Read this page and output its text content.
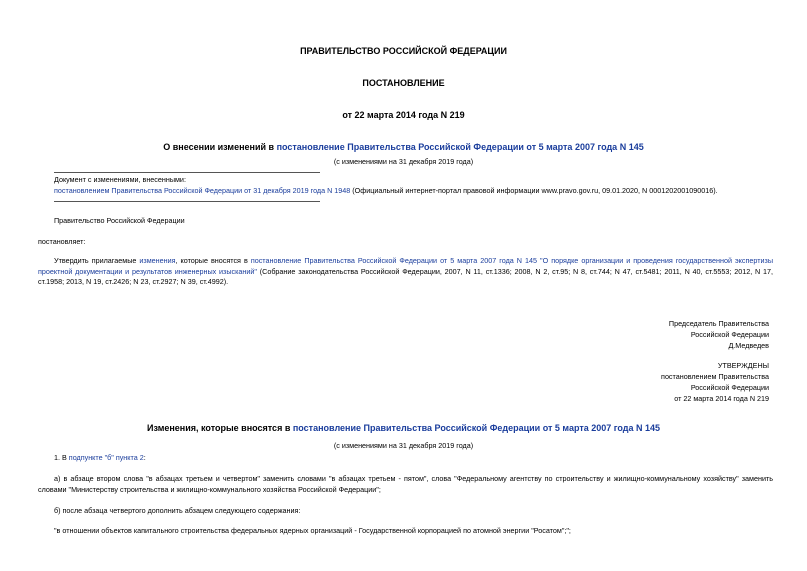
ПРАВИТЕЛЬСТВО РОССИЙСКОЙ ФЕДЕРАЦИИ
ПОСТАНОВЛЕНИЕ
от 22 марта 2014 года N 219
О внесении изменений в постановление Правительства Российской Федерации от 5 марта 2007 года N 145
(с изменениями на 31 декабря 2019 года)
Документ с изменениями, внесенными:
постановлением Правительства Российской Федерации от 31 декабря 2019 года N 1948 (Официальный интернет-портал правовой информации www.pravo.gov.ru, 09.01.2020, N 0001202001090016).
Правительство Российской Федерации
постановляет:
Утвердить прилагаемые изменения, которые вносятся в постановление Правительства Российской Федерации от 5 марта 2007 года N 145 "О порядке организации и проведения государственной экспертизы проектной документации и результатов инженерных изысканий" (Собрание законодательства Российской Федерации, 2007, N 11, ст.1336; 2008, N 2, ст.95; N 8, ст.744; N 47, ст.5481; 2011, N 40, ст.5553; 2012, N 17, ст.1958; 2013, N 19, ст.2426; N 23, ст.2927; N 39, ст.4992).
Председатель Правительства
Российской Федерации
Д.Медведев
УТВЕРЖДЕНЫ
постановлением Правительства
Российской Федерации
от 22 марта 2014 года N 219
Изменения, которые вносятся в постановление Правительства Российской Федерации от 5 марта 2007 года N 145
(с изменениями на 31 декабря 2019 года)
1. В подпункте "б" пункта 2:
а) в абзаце втором слова "в абзацах третьем и четвертом" заменить словами "в абзацах третьем - пятом", слова "Федеральному агентству по строительству и жилищно-коммунальному хозяйству" заменить словами "Министерству строительства и жилищно-коммунального хозяйства Российской Федерации";
б) после абзаца четвертого дополнить абзацем следующего содержания:
"в отношении объектов капитального строительства федеральных ядерных организаций - Государственной корпорацией по атомной энергии "Росатом";";
